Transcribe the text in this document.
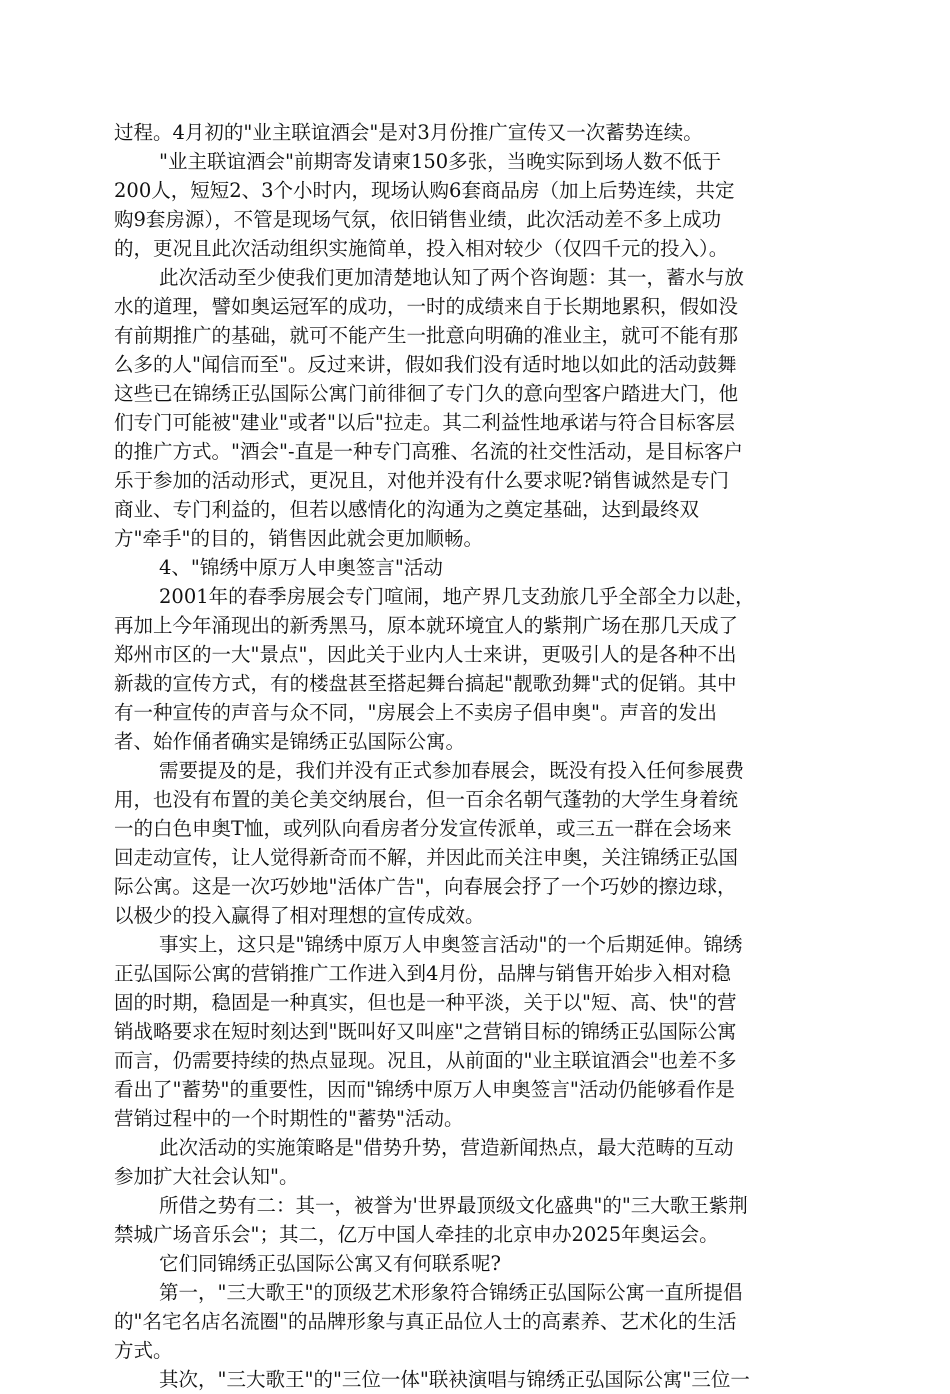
过程。4月初的"业主联谊酒会"是对3月份推广宣传又一次蓄势连续。
"业主联谊酒会"前期寄发请柬150多张，当晚实际到场人数不低于
200人，短短2、3个小时内，现场认购6套商品房（加上后势连续，共定
购9套房源），不管是现场气氛，依旧销售业绩，此次活动差不多上成功
的，更况且此次活动组织实施简单，投入相对较少（仅四千元的投入）。
此次活动至少使我们更加清楚地认知了两个咨询题：其一，蓄水与放
水的道理，譬如奥运冠军的成功，一时的成绩来自于长期地累积，假如没
有前期推广的基础，就可不能产生一批意向明确的准业主，就可不能有那
么多的人"闻信而至"。反过来讲，假如我们没有适时地以如此的活动鼓舞
这些已在锦绣正弘国际公寓门前徘徊了专门久的意向型客户踏进大门，他
们专门可能被"建业"或者"以后"拉走。其二利益性地承诺与符合目标客层
的推广方式。"酒会"-直是一种专门高雅、名流的社交性活动，是目标客户
乐于参加的活动形式，更况且，对他并没有什么要求呢?销售诚然是专门
商业、专门利益的，但若以感情化的沟通为之奠定基础，达到最终双
方"牵手"的目的，销售因此就会更加顺畅。
4、"锦绣中原万人申奥签言"活动
2001年的春季房展会专门喧闹，地产界几支劲旅几乎全部全力以赴，
再加上今年涌现出的新秀黑马，原本就环境宜人的紫荆广场在那几天成了
郑州市区的一大"景点"，因此关于业内人士来讲，更吸引人的是各种不出
新裁的宣传方式，有的楼盘甚至搭起舞台搞起"靓歌劲舞"式的促销。其中
有一种宣传的声音与众不同，"房展会上不卖房子倡申奥"。声音的发出
者、始作俑者确实是锦绣正弘国际公寓。
需要提及的是，我们并没有正式参加春展会，既没有投入任何参展费
用，也没有布置的美仑美交纳展台，但一百余名朝气蓬勃的大学生身着统
一的白色申奥T恤，或列队向看房者分发宣传派单，或三五一群在会场来
回走动宣传，让人觉得新奇而不解，并因此而关注申奥，关注锦绣正弘国
际公寓。这是一次巧妙地"活体广告"，向春展会抒了一个巧妙的擦边球，
以极少的投入赢得了相对理想的宣传成效。
事实上，这只是"锦绣中原万人申奥签言活动"的一个后期延伸。锦绣
正弘国际公寓的营销推广工作进入到4月份，品牌与销售开始步入相对稳
固的时期，稳固是一种真实，但也是一种平淡，关于以"短、高、快"的营
销战略要求在短时刻达到"既叫好又叫座"之营销目标的锦绣正弘国际公寓
而言，仍需要持续的热点显现。况且，从前面的"业主联谊酒会"也差不多
看出了"蓄势"的重要性，因而"锦绣中原万人申奥签言"活动仍能够看作是
营销过程中的一个时期性的"蓄势"活动。
此次活动的实施策略是"借势升势，营造新闻热点，最大范畴的互动
参加扩大社会认知"。
所借之势有二：其一，被誉为'世界最顶级文化盛典"的"三大歌王紫荆
禁城广场音乐会"；其二，亿万中国人牵挂的北京申办2025年奥运会。
它们同锦绣正弘国际公寓又有何联系呢?
第一，"三大歌王"的顶级艺术形象符合锦绣正弘国际公寓一直所提倡
的"名宅名店名流圈"的品牌形象与真正品位人士的高素养、艺术化的生活
方式。
其次，"三大歌王"的"三位一体"联袂演唱与锦绣正弘国际公寓"三位一
